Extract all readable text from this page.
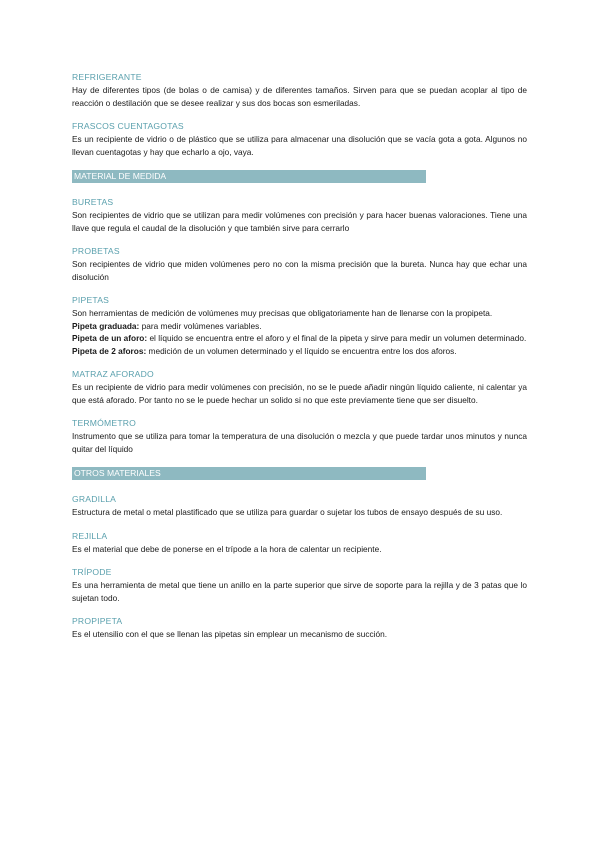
REFRIGERANTE

Hay de diferentes tipos (de bolas o de camisa) y de diferentes tamaños. Sirven para que se puedan acoplar al tipo de reacción o destilación que se desee realizar y sus dos bocas son esmeriladas.

FRASCOS CUENTAGOTAS

Es un recipiente de vidrio o de plástico que se utiliza para almacenar una disolución que se vacía gota a gota. Algunos no llevan cuentagotas y hay que echarlo a ojo, vaya.

MATERIAL DE MEDIDA
BURETAS

Son recipientes de vidrio que se utilizan para medir volúmenes con precisión y para hacer buenas valoraciones. Tiene una llave que regula el caudal de la disolución y que también sirve para cerrarlo

PROBETAS

Son recipientes de vidrio que miden volúmenes pero no con la misma precisión que la bureta. Nunca hay que echar una disolución

PIPETAS

Son herramientas de medición de volúmenes muy precisas que obligatoriamente han de llenarse con la propipeta.

Pipeta graduada: para medir volúmenes variables.

Pipeta de un aforo: el líquido se encuentra entre el aforo y el final de la pipeta y sirve para medir un volumen determinado.

Pipeta de 2 aforos: medición de un volumen determinado y el líquido se encuentra entre los dos aforos.

MATRAZ AFORADO

Es un recipiente de vidrio para medir volúmenes con precisión, no se le puede añadir ningún líquido caliente, ni calentar ya que está aforado. Por tanto no se le puede hechar un solido si no que este previamente tiene que ser disuelto.

TERMÓMETRO

Instrumento que se utiliza para tomar la temperatura de una disolución o mezcla y que puede tardar unos minutos y nunca quitar del líquido

OTROS MATERIALES
GRADILLA

Estructura de metal o metal plastificado que se utiliza para guardar o sujetar los tubos de ensayo después de su uso.

REJILLA

Es el material que debe de ponerse en el trípode a la hora de calentar un recipiente.

TRÍPODE

Es una herramienta de metal que tiene un anillo en la parte superior que sirve de soporte para la rejilla y de 3 patas que lo sujetan todo.

PROPIPETA

Es el utensilio con el que se llenan las pipetas sin emplear un mecanismo de succión.
